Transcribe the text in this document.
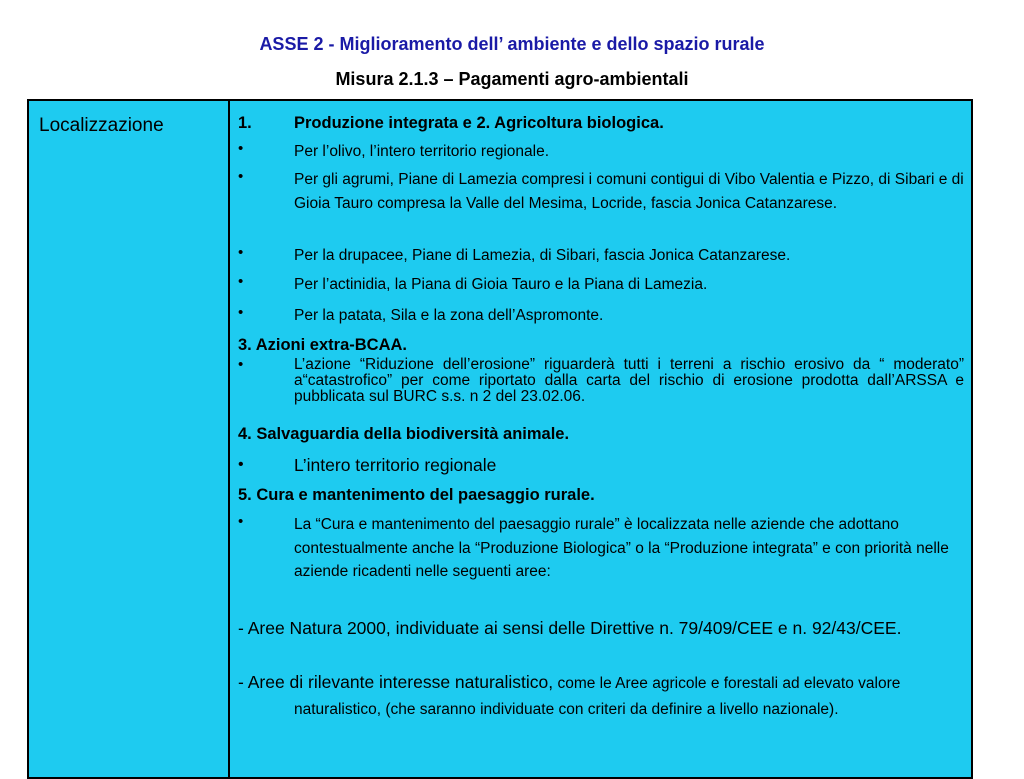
ASSE 2 - Miglioramento dell’ ambiente e dello spazio rurale
Misura 2.1.3 – Pagamenti agro-ambientali
Localizzazione	1.	Produzione integrata e 2. Agricoltura biologica.
•	Per l’olivo, l’intero territorio regionale.
•	Per gli agrumi, Piane di Lamezia compresi i comuni contigui di Vibo Valentia e Pizzo, di Sibari e di Gioia Tauro compresa la Valle del Mesima, Locride, fascia Jonica Catanzarese.
•	Per la drupacee, Piane di Lamezia, di Sibari, fascia Jonica Catanzarese.
•	Per l’actinidia, la Piana di Gioia Tauro e la Piana di Lamezia.
•	Per la patata, Sila e la zona dell’Aspromonte.
3. Azioni extra-BCAA.
•	L’azione “Riduzione dell’erosione” riguarderà tutti i terreni a rischio erosivo da “ moderato” a“catastrofico” per come riportato dalla carta del rischio di erosione prodotta dall’ARSSA e pubblicata sul BURC s.s. n 2 del 23.02.06.
4. Salvaguardia della biodiversità animale.
•	L’intero territorio regionale
5. Cura e mantenimento del paesaggio rurale.
•	La “Cura e mantenimento del paesaggio rurale” è localizzata nelle aziende che adottano contestualmente anche la “Produzione Biologica” o la “Produzione integrata” e con priorità nelle aziende ricadenti nelle seguenti aree:
- Aree Natura 2000, individuate ai sensi delle Direttive n. 79/409/CEE e n. 92/43/CEE.
- Aree di rilevante interesse naturalistico, come le Aree agricole e forestali ad elevato valore naturalistico, (che saranno individuate con criteri da definire a livello nazionale).
